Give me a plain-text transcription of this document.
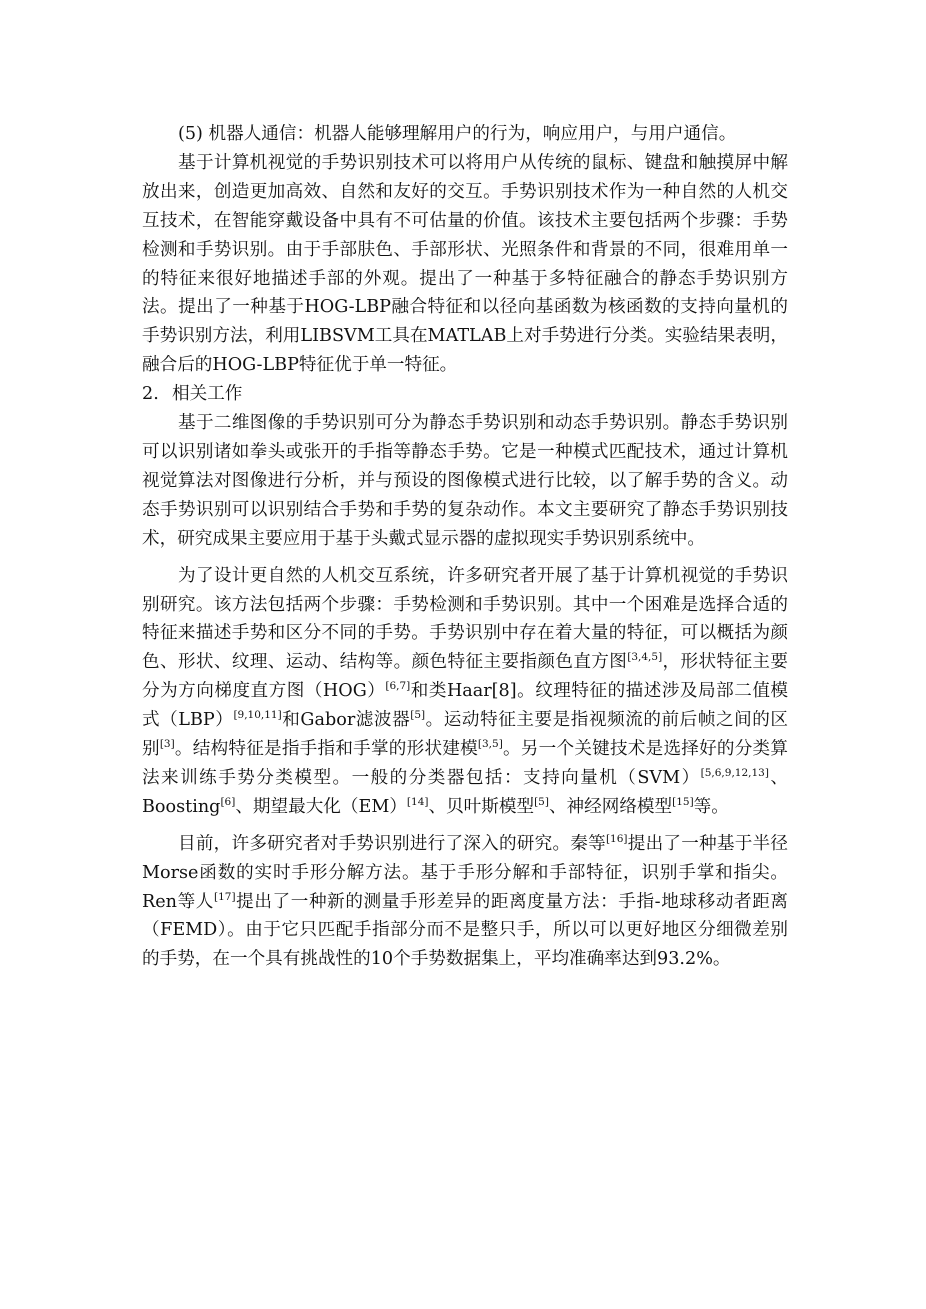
(5) 机器人通信：机器人能够理解用户的行为，响应用户，与用户通信。

基于计算机视觉的手势识别技术可以将用户从传统的鼠标、键盘和触摸屏中解放出来，创造更加高效、自然和友好的交互。手势识别技术作为一种自然的人机交互技术，在智能穿戴设备中具有不可估量的价值。该技术主要包括两个步骤：手势检测和手势识别。由于手部肤色、手部形状、光照条件和背景的不同，很难用单一的特征来很好地描述手部的外观。提出了一种基于多特征融合的静态手势识别方法。提出了一种基于HOG-LBP融合特征和以径向基函数为核函数的支持向量机的手势识别方法，利用LIBSVM工具在MATLAB上对手势进行分类。实验结果表明，融合后的HOG-LBP特征优于单一特征。

2. 相关工作

基于二维图像的手势识别可分为静态手势识别和动态手势识别。静态手势识别可以识别诸如拳头或张开的手指等静态手势。它是一种模式匹配技术，通过计算机视觉算法对图像进行分析，并与预设的图像模式进行比较，以了解手势的含义。动态手势识别可以识别结合手势和手势的复杂动作。本文主要研究了静态手势识别技术，研究成果主要应用于基于头戴式显示器的虚拟现实手势识别系统中。

为了设计更自然的人机交互系统，许多研究者开展了基于计算机视觉的手势识别研究。该方法包括两个步骤：手势检测和手势识别。其中一个困难是选择合适的特征来描述手势和区分不同的手势。手势识别中存在着大量的特征，可以概括为颜色、形状、纹理、运动、结构等。颜色特征主要指颜色直方图[3,4,5]，形状特征主要分为方向梯度直方图（HOG）[6,7]和类Haar[8]。纹理特征的描述涉及局部二值模式（LBP）[9,10,11]和Gabor滤波器[5]。运动特征主要是指视频流的前后帧之间的区别[3]。结构特征是指手指和手掌的形状建模[3,5]。另一个关键技术是选择好的分类算法来训练手势分类模型。一般的分类器包括：支持向量机（SVM）[5,6,9,12,13]、Boosting[6]、期望最大化（EM）[14]、贝叶斯模型[5]、神经网络模型[15]等。

目前，许多研究者对手势识别进行了深入的研究。秦等[16]提出了一种基于半径Morse函数的实时手形分解方法。基于手形分解和手部特征，识别手掌和指尖。Ren等人[17]提出了一种新的测量手形差异的距离度量方法：手指-地球移动者距离（FEMD）。由于它只匹配手指部分而不是整只手，所以可以更好地区分细微差别的手势，在一个具有挑战性的10个手势数据集上，平均准确率达到93.2%。
